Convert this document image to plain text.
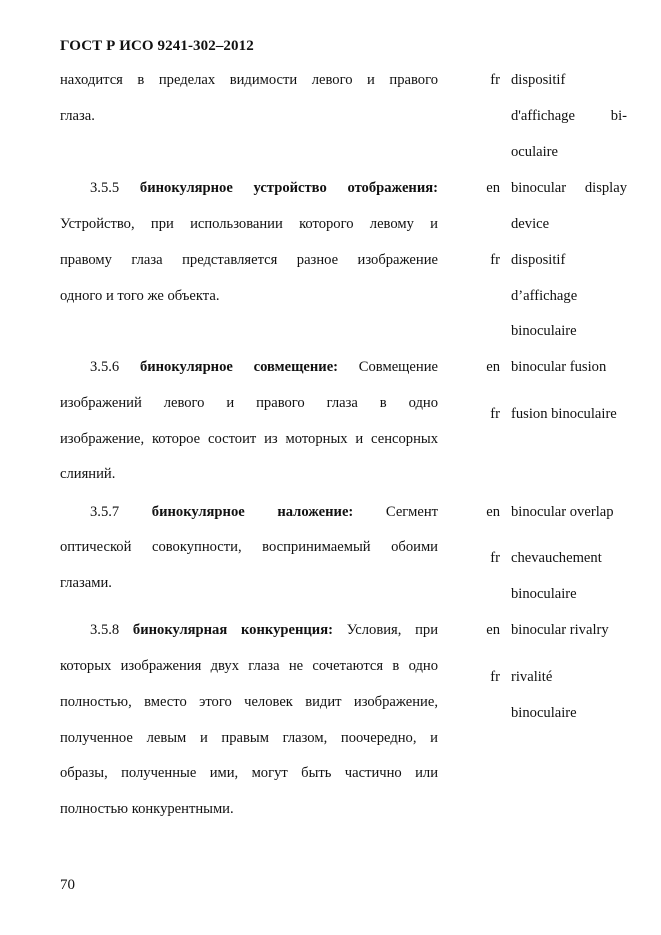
ГОСТ Р ИСО 9241-302–2012
находится в пределах видимости левого и правого
глаза.
3.5.5 бинокулярное устройство отображения:
Устройство, при использовании которого левому и
правому глаза представляется разное изображение
одного и того же объекта.
3.5.6 бинокулярное совмещение: Совмещение
изображений левого и правого глаза в одно
изображение, которое состоит из моторных и сенсорных
слияний.
3.5.7 бинокулярное наложение: Сегмент
оптической совокупности, воспринимаемый обоими
глазами.
3.5.8 бинокулярная конкуренция: Условия, при
которых изображения двух глаза не сочетаются в одно
полностью, вместо этого человек видит изображение,
полученное левым и правым глазом, поочередно, и
образы, полученные ими, могут быть частично или
полностью конкурентными.
fr dispositif
d'affichage bi-
oculaire
en binocular display
device
fr dispositif
d’affichage
binoculaire
en binocular fusion
fr fusion binoculaire
en binocular overlap
fr chevauchement
binoculaire
en binocular rivalry
fr rivalité
binoculaire
70
